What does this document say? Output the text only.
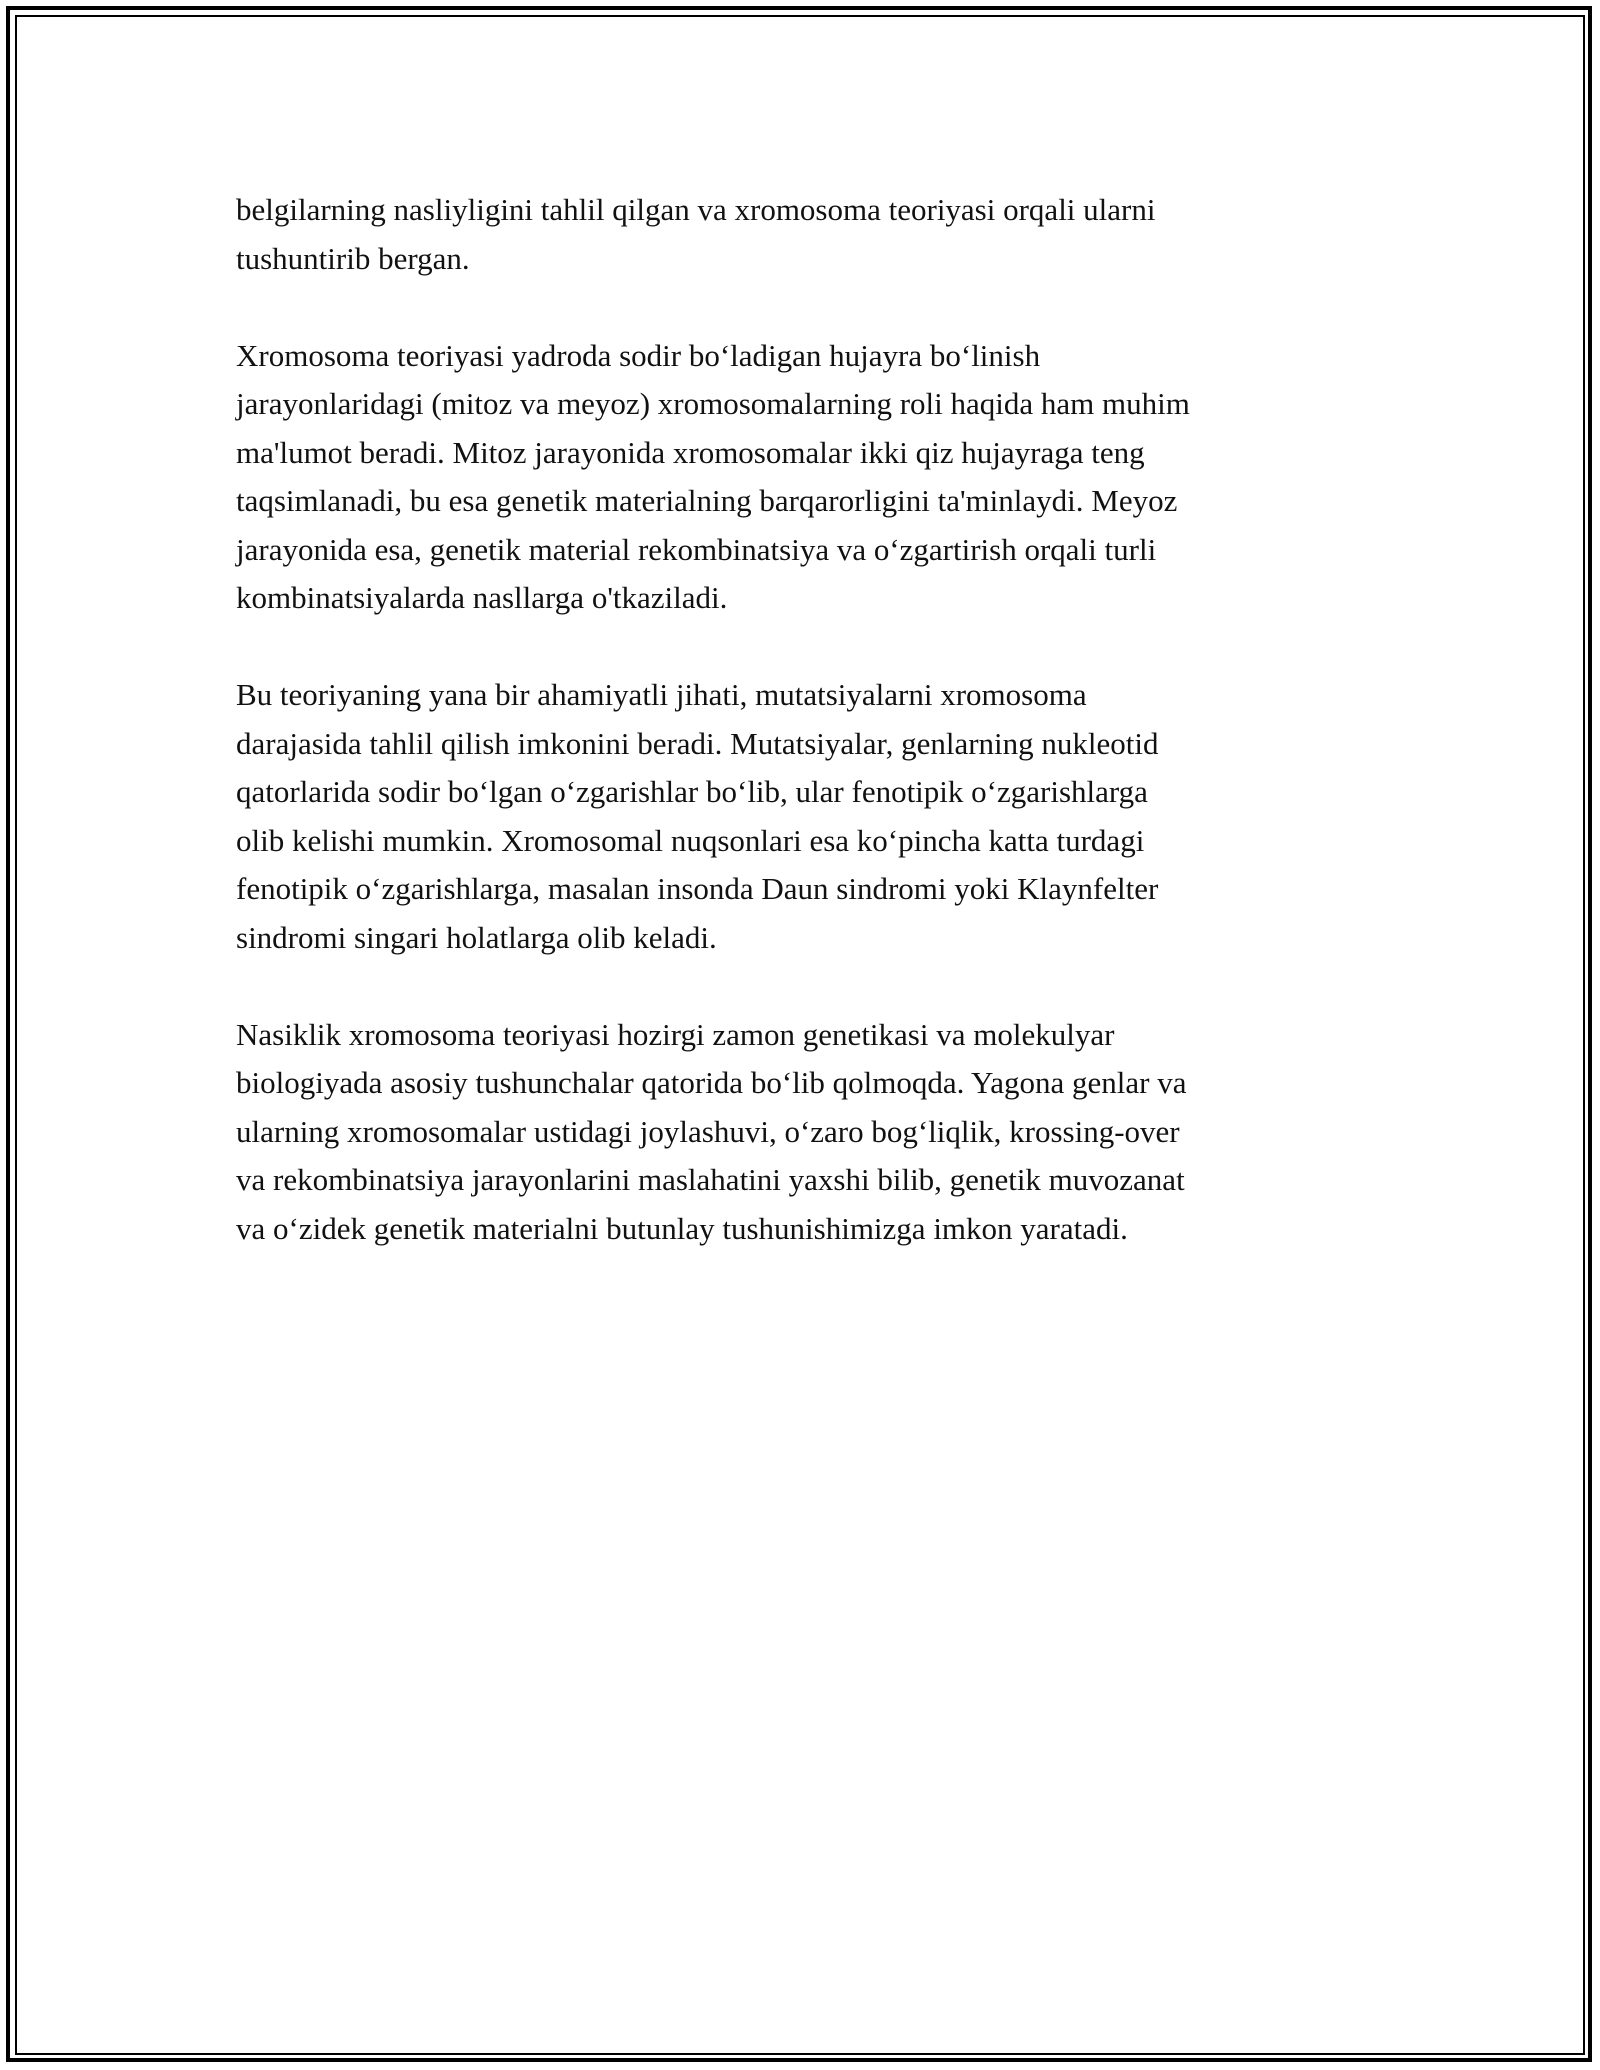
belgilarning nasliyligini tahlil qilgan va xromosoma teoriyasi orqali ularni
tushuntirib bergan.

Xromosoma teoriyasi yadroda sodir bo‘ladigan hujayra bo‘linish
jarayonlaridagi (mitoz va meyoz) xromosomalarning roli haqida ham muhim
ma'lumot beradi. Mitoz jarayonida xromosomalar ikki qiz hujayraga teng
taqsimlanadi, bu esa genetik materialning barqarorligini ta'minlaydi. Meyoz
jarayonida esa, genetik material rekombinatsiya va o‘zgartirish orqali turli
kombinatsiyalarda nasllarga o'tkaziladi.

Bu teoriyaning yana bir ahamiyatli jihati, mutatsiyalarni xromosoma
darajasida tahlil qilish imkonini beradi. Mutatsiyalar, genlarning nukleotid
qatorlarida sodir bo‘lgan o‘zgarishlar bo‘lib, ular fenotipik o‘zgarishlarga
olib kelishi mumkin. Xromosomal nuqsonlari esa ko‘pincha katta turdagi
fenotipik o‘zgarishlarga, masalan insonda Daun sindromi yoki Klaynfelter
sindromi singari holatlarga olib keladi.

Nasiklik xromosoma teoriyasi hozirgi zamon genetikasi va molekulyar
biologiyada asosiy tushunchalar qatorida bo‘lib qolmoqda. Yagona genlar va
ularning xromosomalar ustidagi joylashuvi, o‘zaro bog‘liqlik, krossing-over
va rekombinatsiya jarayonlarini maslahatini yaxshi bilib, genetik muvozanat
va o‘zidek genetik materialni butunlay tushunishimizga imkon yaratadi.
